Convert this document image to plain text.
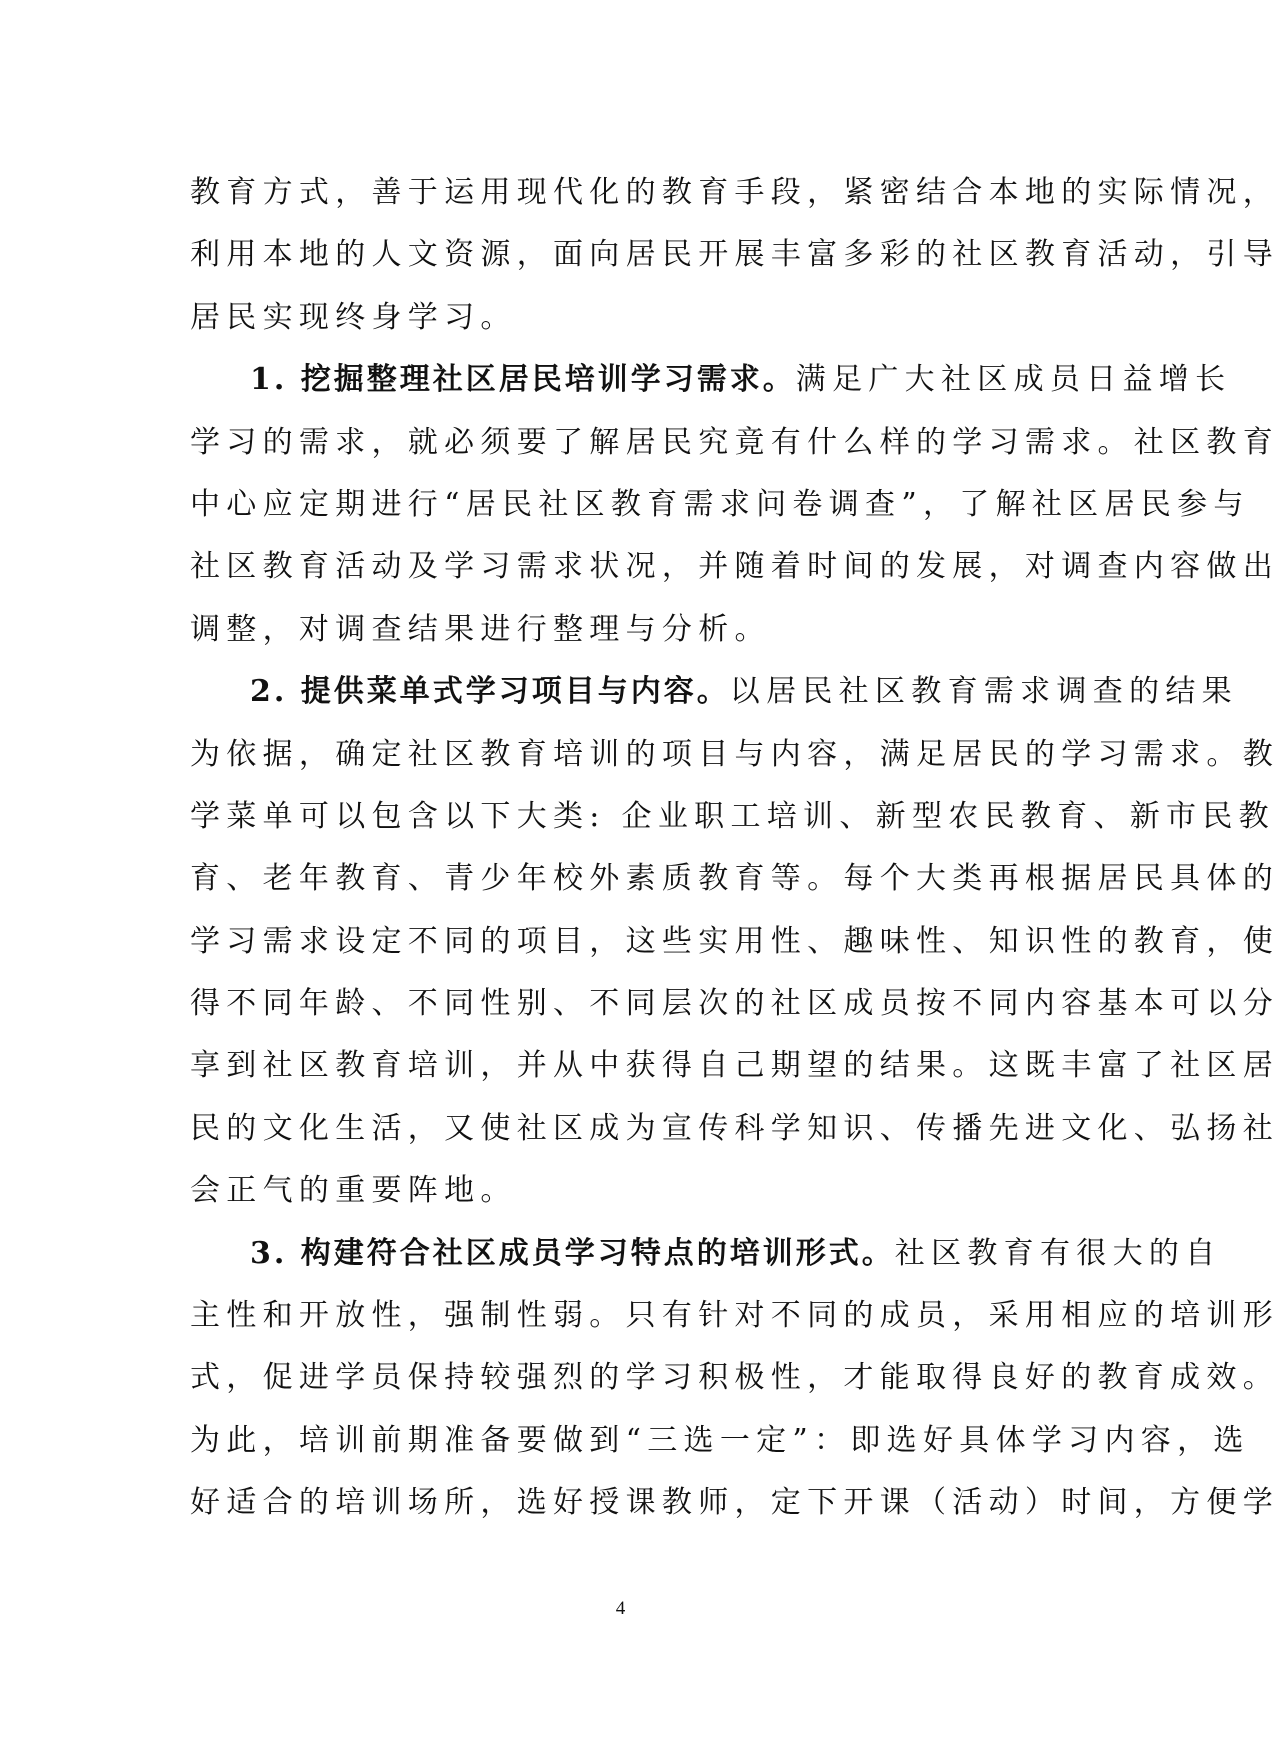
教育方式，善于运用现代化的教育手段，紧密结合本地的实际情况，
利用本地的人文资源，面向居民开展丰富多彩的社区教育活动，引导
居民实现终身学习。
1. 挖掘整理社区居民培训学习需求。满足广大社区成员日益增长
学习的需求，就必须要了解居民究竟有什么样的学习需求。社区教育
中心应定期进行“居民社区教育需求问卷调查”，了解社区居民参与
社区教育活动及学习需求状况，并随着时间的发展，对调查内容做出
调整，对调查结果进行整理与分析。
2. 提供菜单式学习项目与内容。以居民社区教育需求调查的结果
为依据，确定社区教育培训的项目与内容，满足居民的学习需求。教
学菜单可以包含以下大类: 企业职工培训、新型农民教育、新市民教
育、老年教育、青少年校外素质教育等。每个大类再根据居民具体的
学习需求设定不同的项目，这些实用性、趣味性、知识性的教育，使
得不同年龄、不同性别、不同层次的社区成员按不同内容基本可以分
享到社区教育培训，并从中获得自己期望的结果。这既丰富了社区居
民的文化生活，又使社区成为宣传科学知识、传播先进文化、弘扬社
会正气的重要阵地。
3. 构建符合社区成员学习特点的培训形式。社区教育有很大的自
主性和开放性，强制性弱。只有针对不同的成员，采用相应的培训形
式，促进学员保持较强烈的学习积极性，才能取得良好的教育成效。
为此，培训前期准备要做到“三选一定”：即选好具体学习内容，选
好适合的培训场所，选好授课教师，定下开课（活动）时间，方便学
4
